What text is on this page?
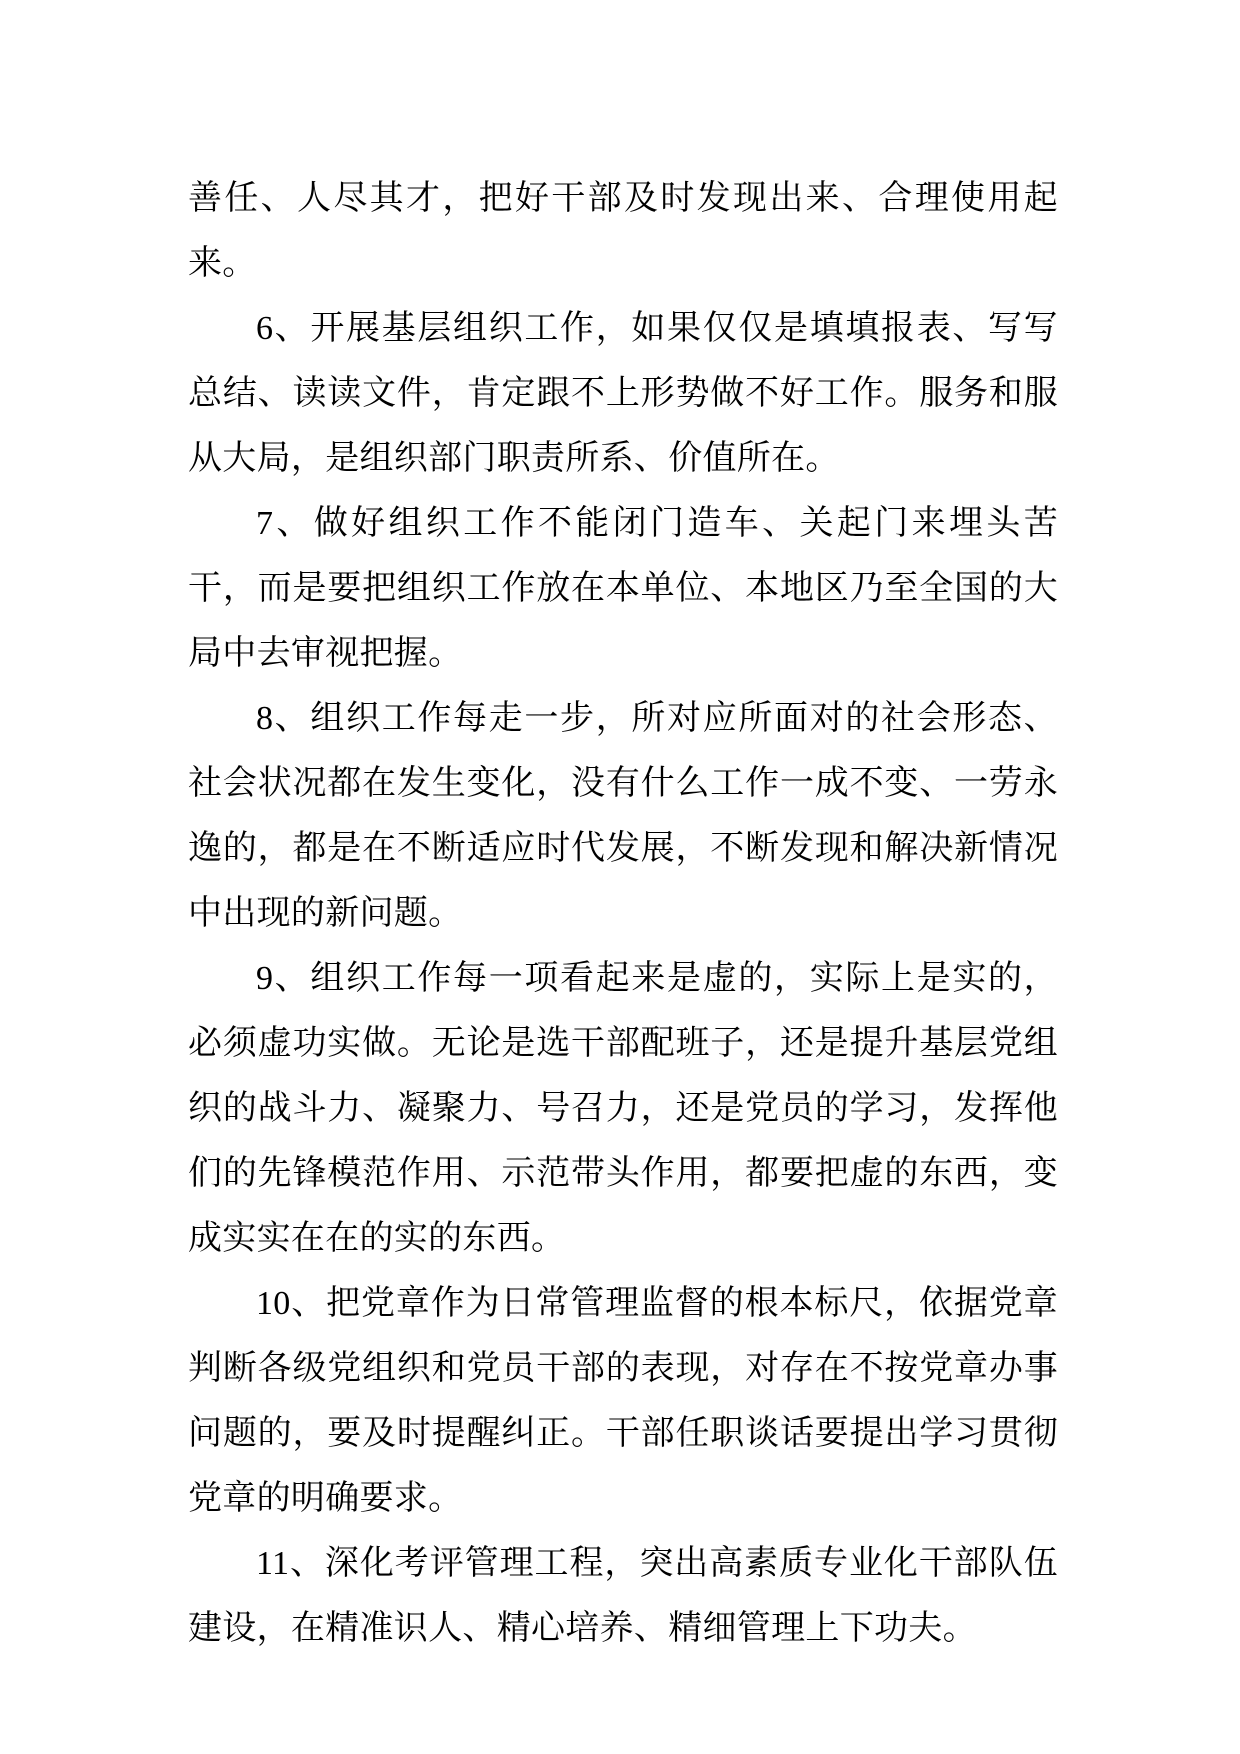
善任、人尽其才，把好干部及时发现出来、合理使用起来。

6、开展基层组织工作，如果仅仅是填填报表、写写总结、读读文件，肯定跟不上形势做不好工作。服务和服从大局，是组织部门职责所系、价值所在。

7、做好组织工作不能闭门造车、关起门来埋头苦干，而是要把组织工作放在本单位、本地区乃至全国的大局中去审视把握。

8、组织工作每走一步，所对应所面对的社会形态、社会状况都在发生变化，没有什么工作一成不变、一劳永逸的，都是在不断适应时代发展，不断发现和解决新情况中出现的新问题。

9、组织工作每一项看起来是虚的，实际上是实的，必须虚功实做。无论是选干部配班子，还是提升基层党组织的战斗力、凝聚力、号召力，还是党员的学习，发挥他们的先锋模范作用、示范带头作用，都要把虚的东西，变成实实在在的实的东西。

10、把党章作为日常管理监督的根本标尺，依据党章判断各级党组织和党员干部的表现，对存在不按党章办事问题的，要及时提醒纠正。干部任职谈话要提出学习贯彻党章的明确要求。

11、深化考评管理工程，突出高素质专业化干部队伍建设，在精准识人、精心培养、精细管理上下功夫。
